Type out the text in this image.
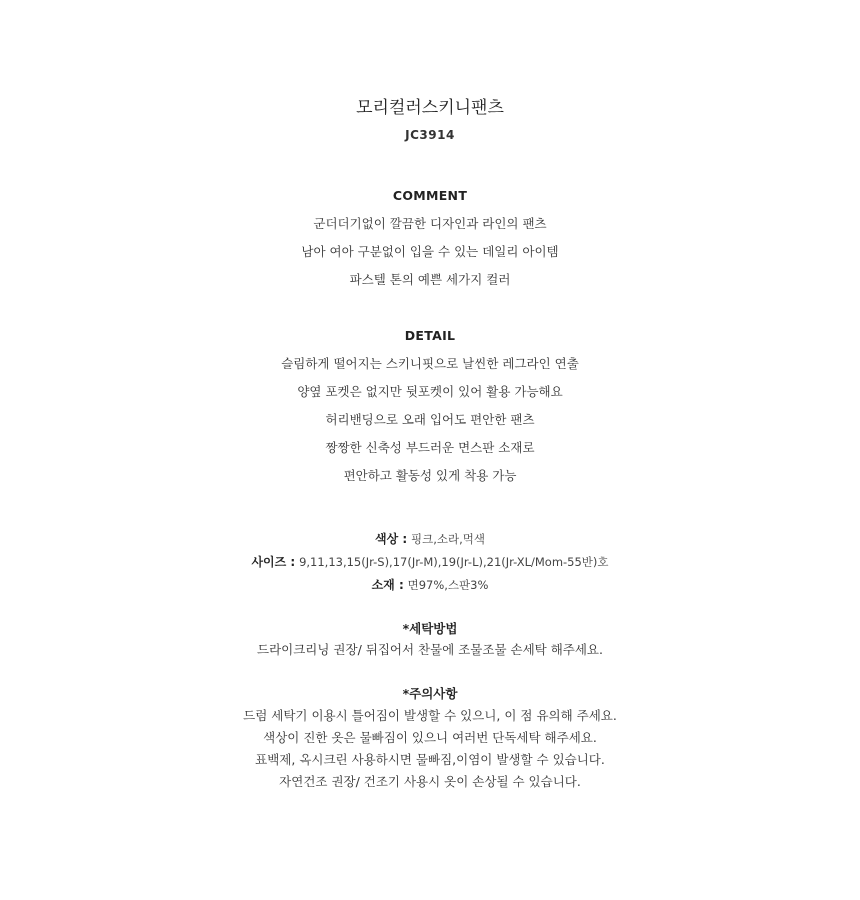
모리컬러스키니팬츠
JC3914
COMMENT
군더더기없이 깔끔한 디자인과 라인의 팬츠
남아 여아 구분없이 입을 수 있는 데일리 아이템
파스텔 톤의 예쁜 세가지 컬러
DETAIL
슬림하게 떨어지는 스키니핏으로 날씬한 레그라인 연출
양옆 포켓은 없지만 뒷포켓이 있어 활용 가능해요
허리밴딩으로 오래 입어도 편안한 팬츠
짱짱한 신축성 부드러운 면스판 소재로
편안하고 활동성 있게 착용 가능
색상 : 핑크,소라,먹색
사이즈 : 9,11,13,15(Jr-S),17(Jr-M),19(Jr-L),21(Jr-XL/Mom-55반)호
소재 : 면97%,스판3%
*세탁방법
드라이크리닝 권장/ 뒤집어서 찬물에 조물조물 손세탁 해주세요.
*주의사항
드럼 세탁기 이용시 틀어짐이 발생할 수 있으니, 이 점 유의해 주세요.
색상이 진한 옷은 물빠짐이 있으니 여러번 단독세탁 해주세요.
표백제, 옥시크린 사용하시면 물빠짐,이염이 발생할 수 있습니다.
자연건조 권장/ 건조기 사용시 옷이 손상될 수 있습니다.
